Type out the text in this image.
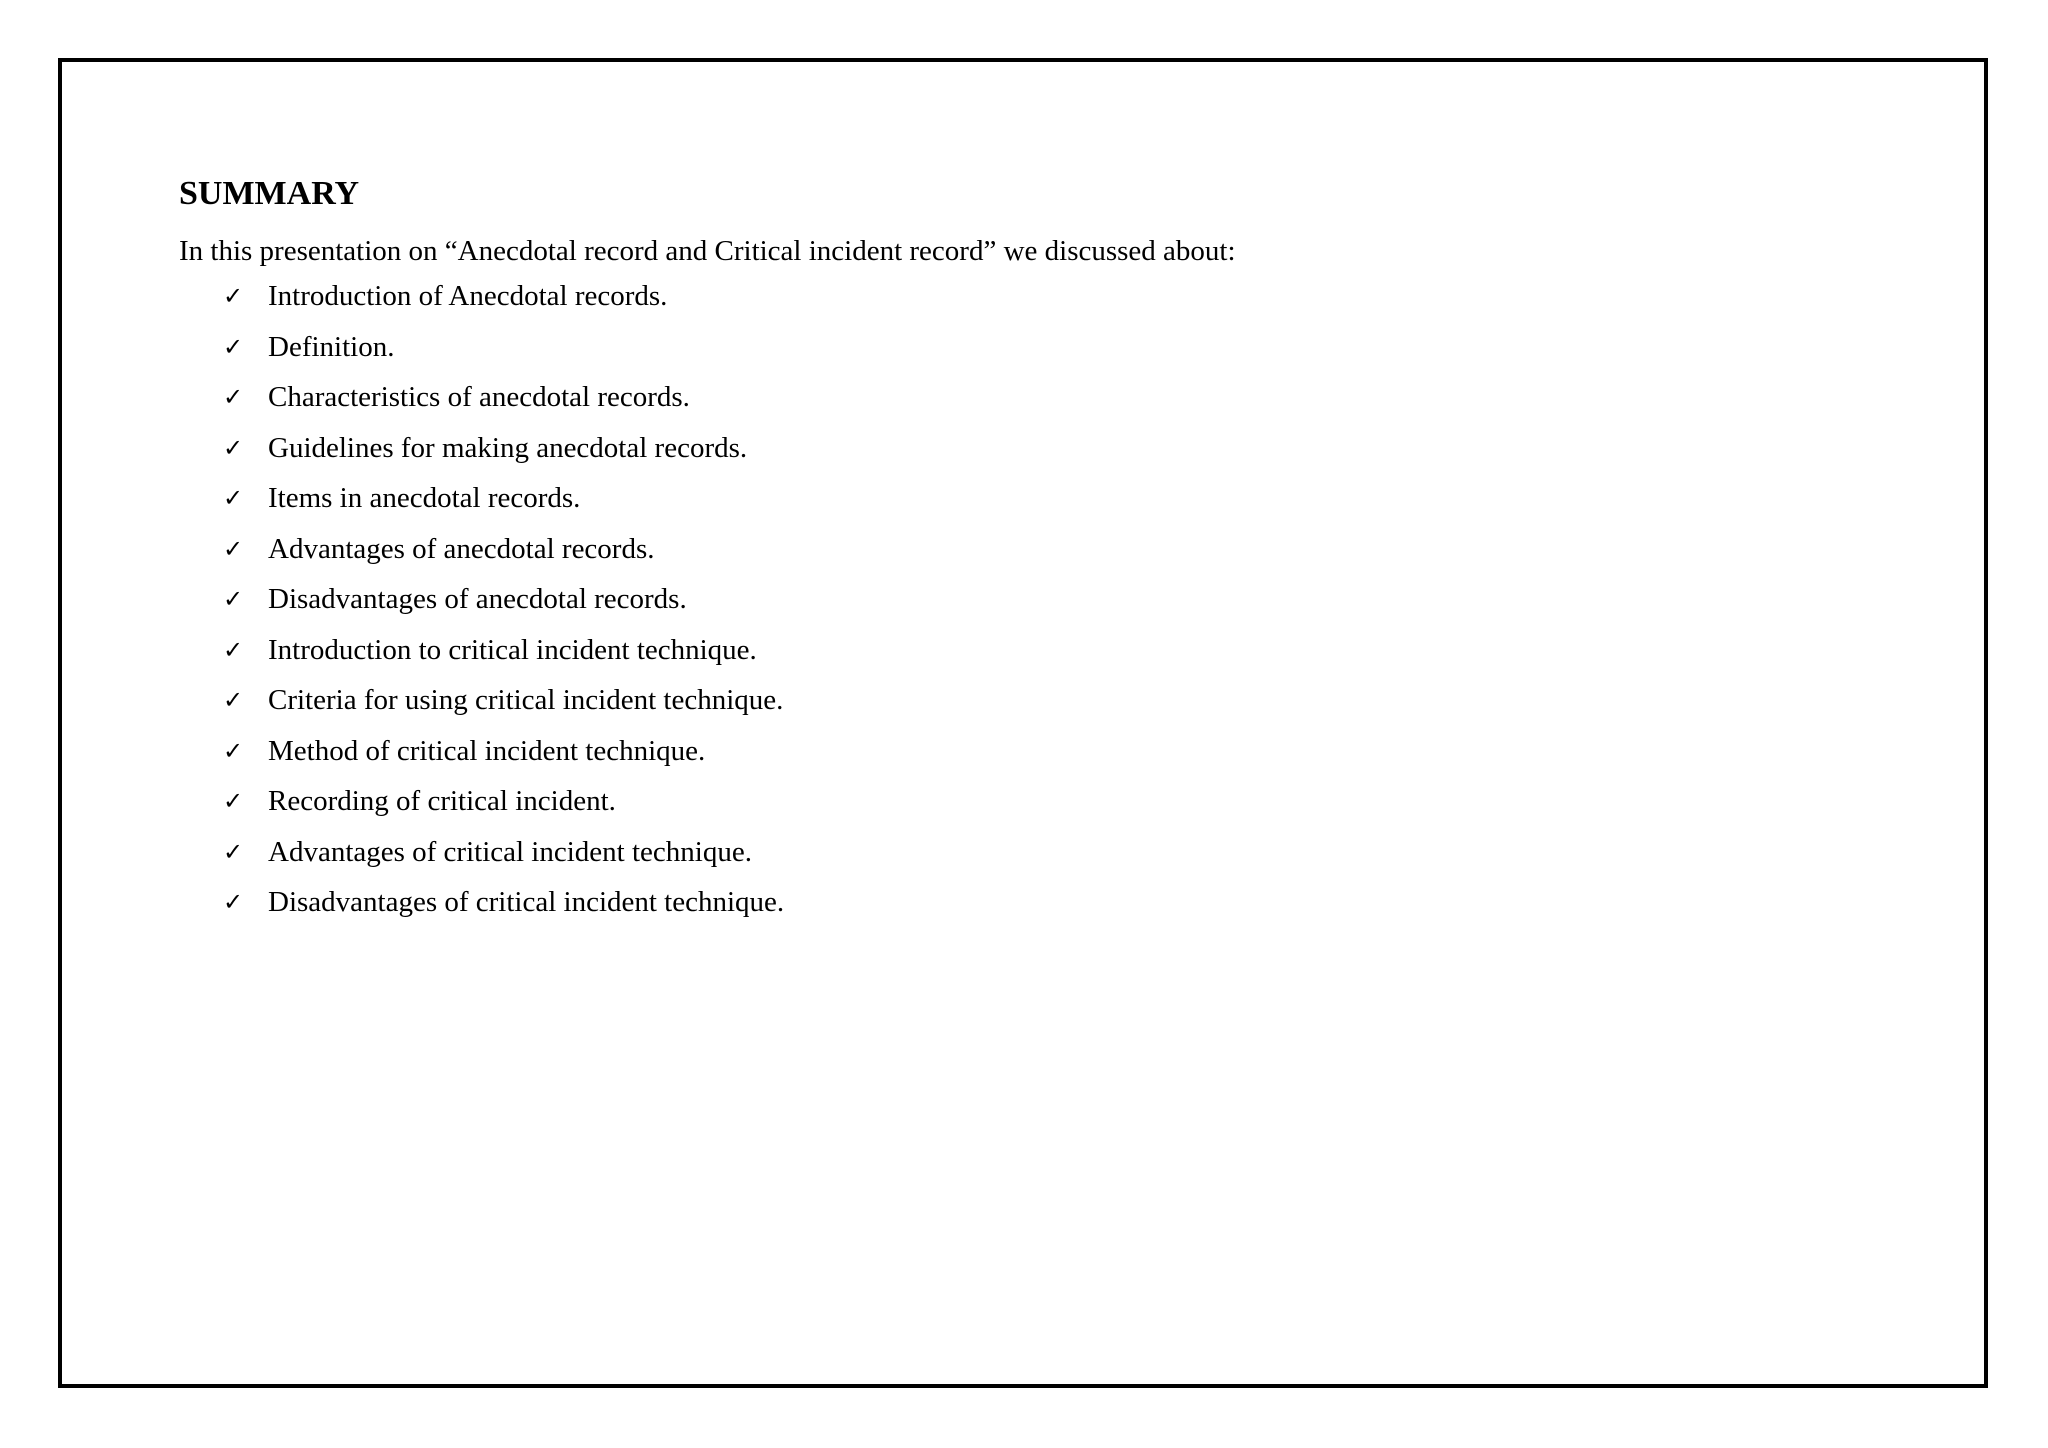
SUMMARY

In this presentation on “Anecdotal record and Critical incident record” we discussed about:

✓ Introduction of Anecdotal records.
✓ Definition.
✓ Characteristics of anecdotal records.
✓ Guidelines for making anecdotal records.
✓ Items in anecdotal records.
✓ Advantages of anecdotal records.
✓ Disadvantages of anecdotal records.
✓ Introduction to critical incident technique.
✓ Criteria for using critical incident technique.
✓ Method of critical incident technique.
✓ Recording of critical incident.
✓ Advantages of critical incident technique.
✓ Disadvantages of critical incident technique.
